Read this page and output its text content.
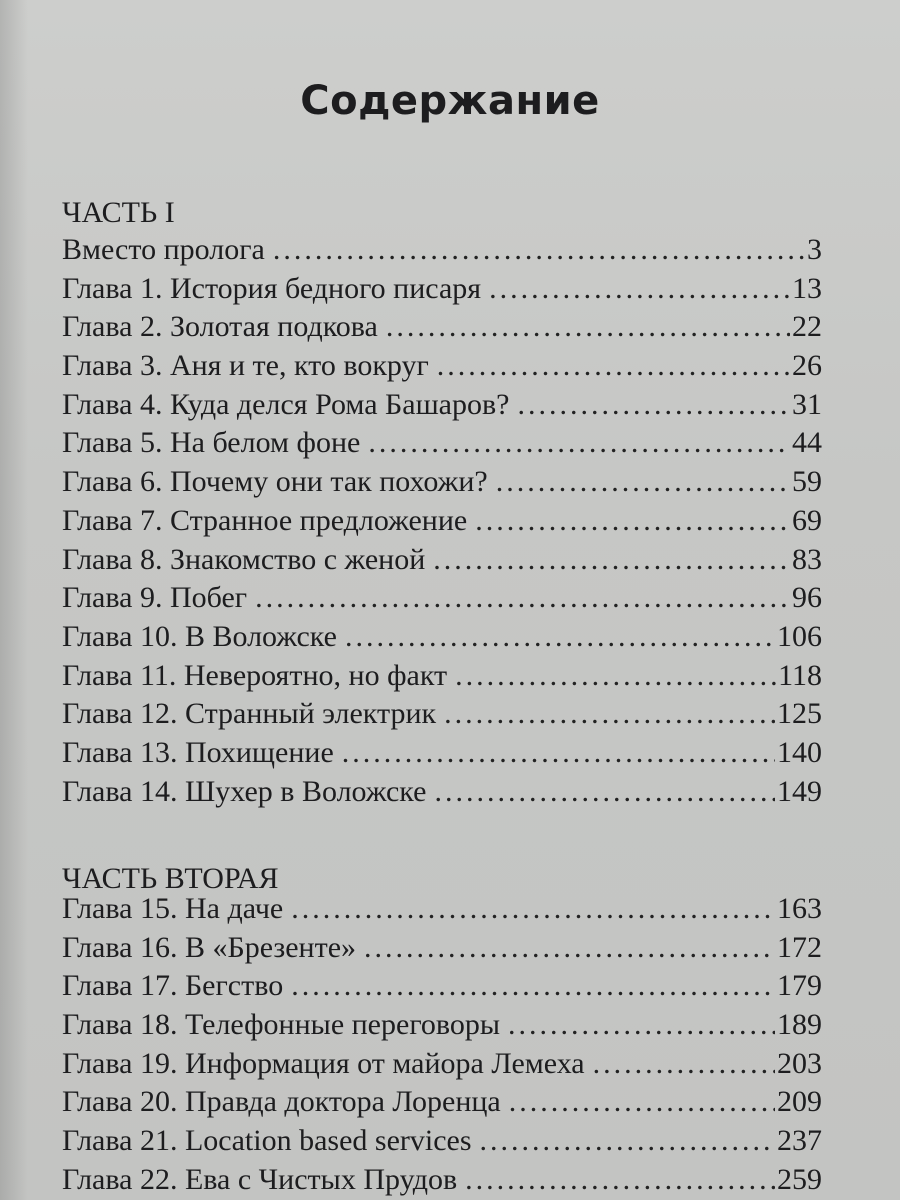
Содержание
ЧАСТЬ I
Вместо пролога .....	3
Глава 1. История бедного писаря .....	13
Глава 2. Золотая подкова .....	22
Глава 3. Аня и те, кто вокруг .....	26
Глава 4. Куда делся Рома Башаров? .....	31
Глава 5. На белом фоне .....	44
Глава 6. Почему они так похожи? .....	59
Глава 7. Странное предложение .....	69
Глава 8. Знакомство с женой .....	83
Глава 9. Побег .....	96
Глава 10. В Воложске .....	106
Глава 11. Невероятно, но факт .....	118
Глава 12. Странный электрик .....	125
Глава 13. Похищение .....	140
Глава 14. Шухер в Воложске .....	149
ЧАСТЬ ВТОРАЯ
Глава 15. На даче .....	163
Глава 16. В «Брезенте» .....	172
Глава 17. Бегство .....	179
Глава 18. Телефонные переговоры .....	189
Глава 19. Информация от майора Лемеха .....	203
Глава 20. Правда доктора Лоренца .....	209
Глава 21. Location based services .....	237
Глава 22. Ева с Чистых Прудов .....	259
